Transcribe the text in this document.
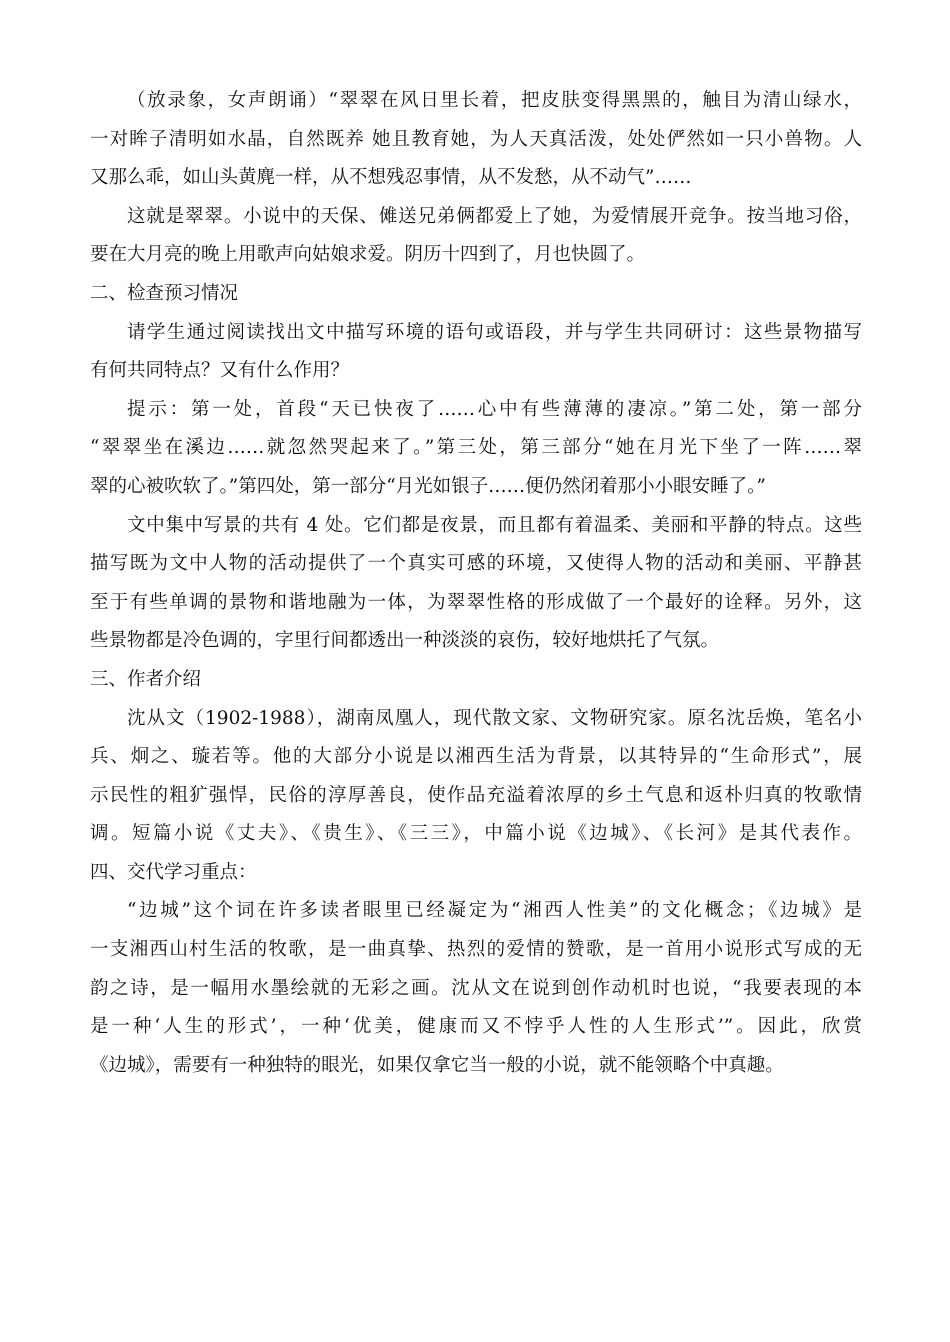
（放录象，女声朗诵）“翠翠在风日里长着，把皮肤变得黑黑的，触目为清山绿水，
一对眸子清明如水晶，自然既养 她且教育她，为人天真活泼，处处俨然如一只小兽物。人
又那么乖，如山头黄麂一样，从不想残忍事情，从不发愁，从不动气”……
这就是翠翠。小说中的天保、傩送兄弟俩都爱上了她，为爱情展开竞争。按当地习俗，
要在大月亮的晚上用歌声向姑娘求爱。阴历十四到了，月也快圆了。
二、检查预习情况
请学生通过阅读找出文中描写环境的语句或语段，并与学生共同研讨：这些景物描写
有何共同特点？又有什么作用？
提示：第一处，首段“天已快夜了……心中有些薄薄的凄凉。”第二处，第一部分
“翠翠坐在溪边……就忽然哭起来了。”第三处，第三部分“她在月光下坐了一阵……翠
翠的心被吹软了。”第四处，第一部分“月光如银子……便仍然闭着那小小眼安睡了。”
文中集中写景的共有 4 处。它们都是夜景，而且都有着温柔、美丽和平静的特点。这些
描写既为文中人物的活动提供了一个真实可感的环境，又使得人物的活动和美丽、平静甚
至于有些单调的景物和谐地融为一体，为翠翠性格的形成做了一个最好的诠释。另外，这
些景物都是冷色调的，字里行间都透出一种淡淡的哀伤，较好地烘托了气氛。
三、作者介绍
沈从文（1902-1988），湖南凤凰人，现代散文家、文物研究家。原名沈岳焕，笔名小
兵、炯之、璇若等。他的大部分小说是以湘西生活为背景，以其特异的“生命形式”，展
示民性的粗犷强悍，民俗的淳厚善良，使作品充溢着浓厚的乡土气息和返朴归真的牧歌情
调。短篇小说《丈夫》、《贵生》、《三三》，中篇小说《边城》、《长河》是其代表作。
四、交代学习重点：
“边城”这个词在许多读者眼里已经凝定为“湘西人性美”的文化概念；《边城》是
一支湘西山村生活的牧歌，是一曲真挚、热烈的爱情的赞歌，是一首用小说形式写成的无
韵之诗，是一幅用水墨绘就的无彩之画。沈从文在说到创作动机时也说，“我要表现的本
是一种‘人生的形式’，一种‘优美，健康而又不悖乎人性的人生形式’”。因此，欣赏
《边城》，需要有一种独特的眼光，如果仅拿它当一般的小说，就不能领略个中真趣。
